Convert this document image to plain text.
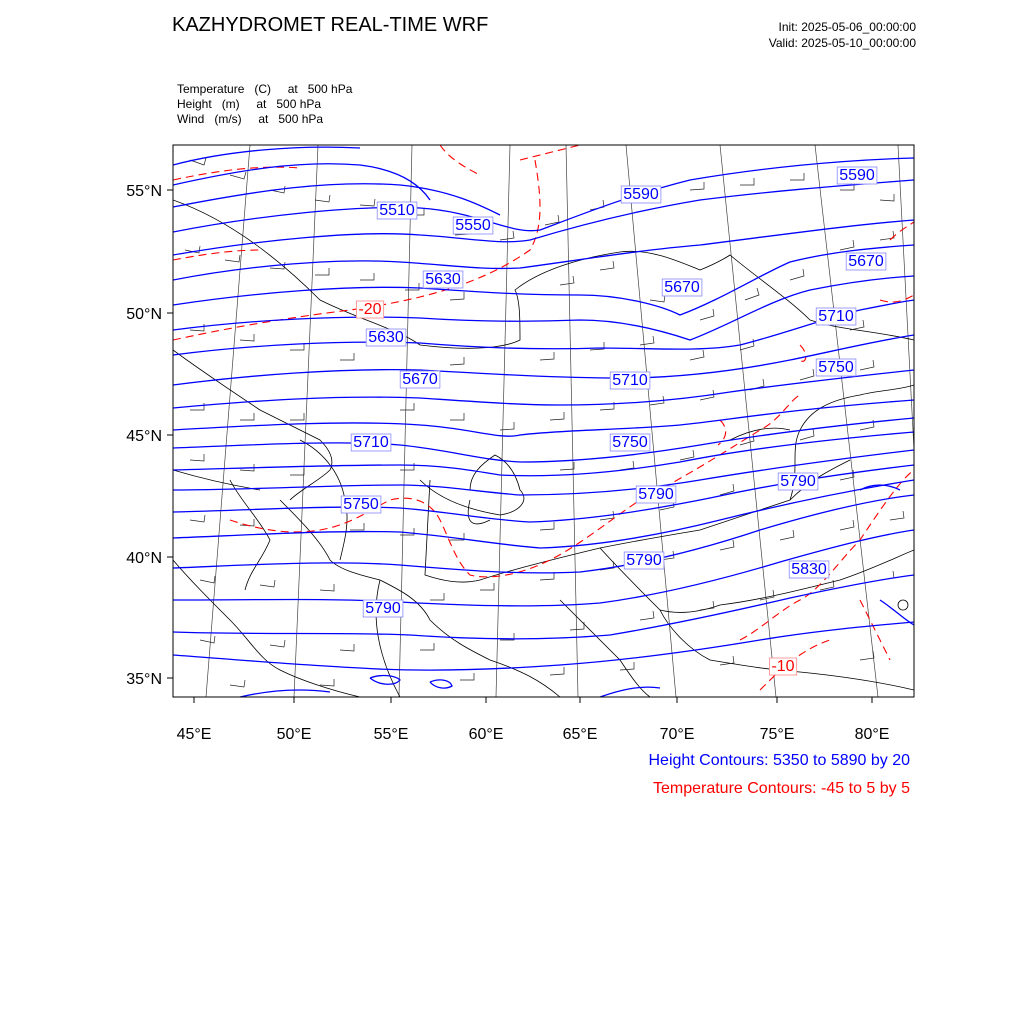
KAZHYDROMET REAL-TIME WRF	Init: 2025-05-06_00:00:00
Valid: 2025-05-10_00:00:00
Temperature   (C)     at   500 hPa
Height   (m)     at   500 hPa
Wind   (m/s)     at   500 hPa
55°N
50°N
45°N
40°N
35°N
45°E	50°E	55°E	60°E	65°E	70°E	75°E	80°E
5510
5550
5590
5590
5630
5630
5670
5670
5670	5710
5710
5710	5750
5750
5750
5790
5790
5790
5830
5790
-20
-10
Height Contours: 5350 to 5890 by 20
Temperature Contours: -45 to 5 by 5
